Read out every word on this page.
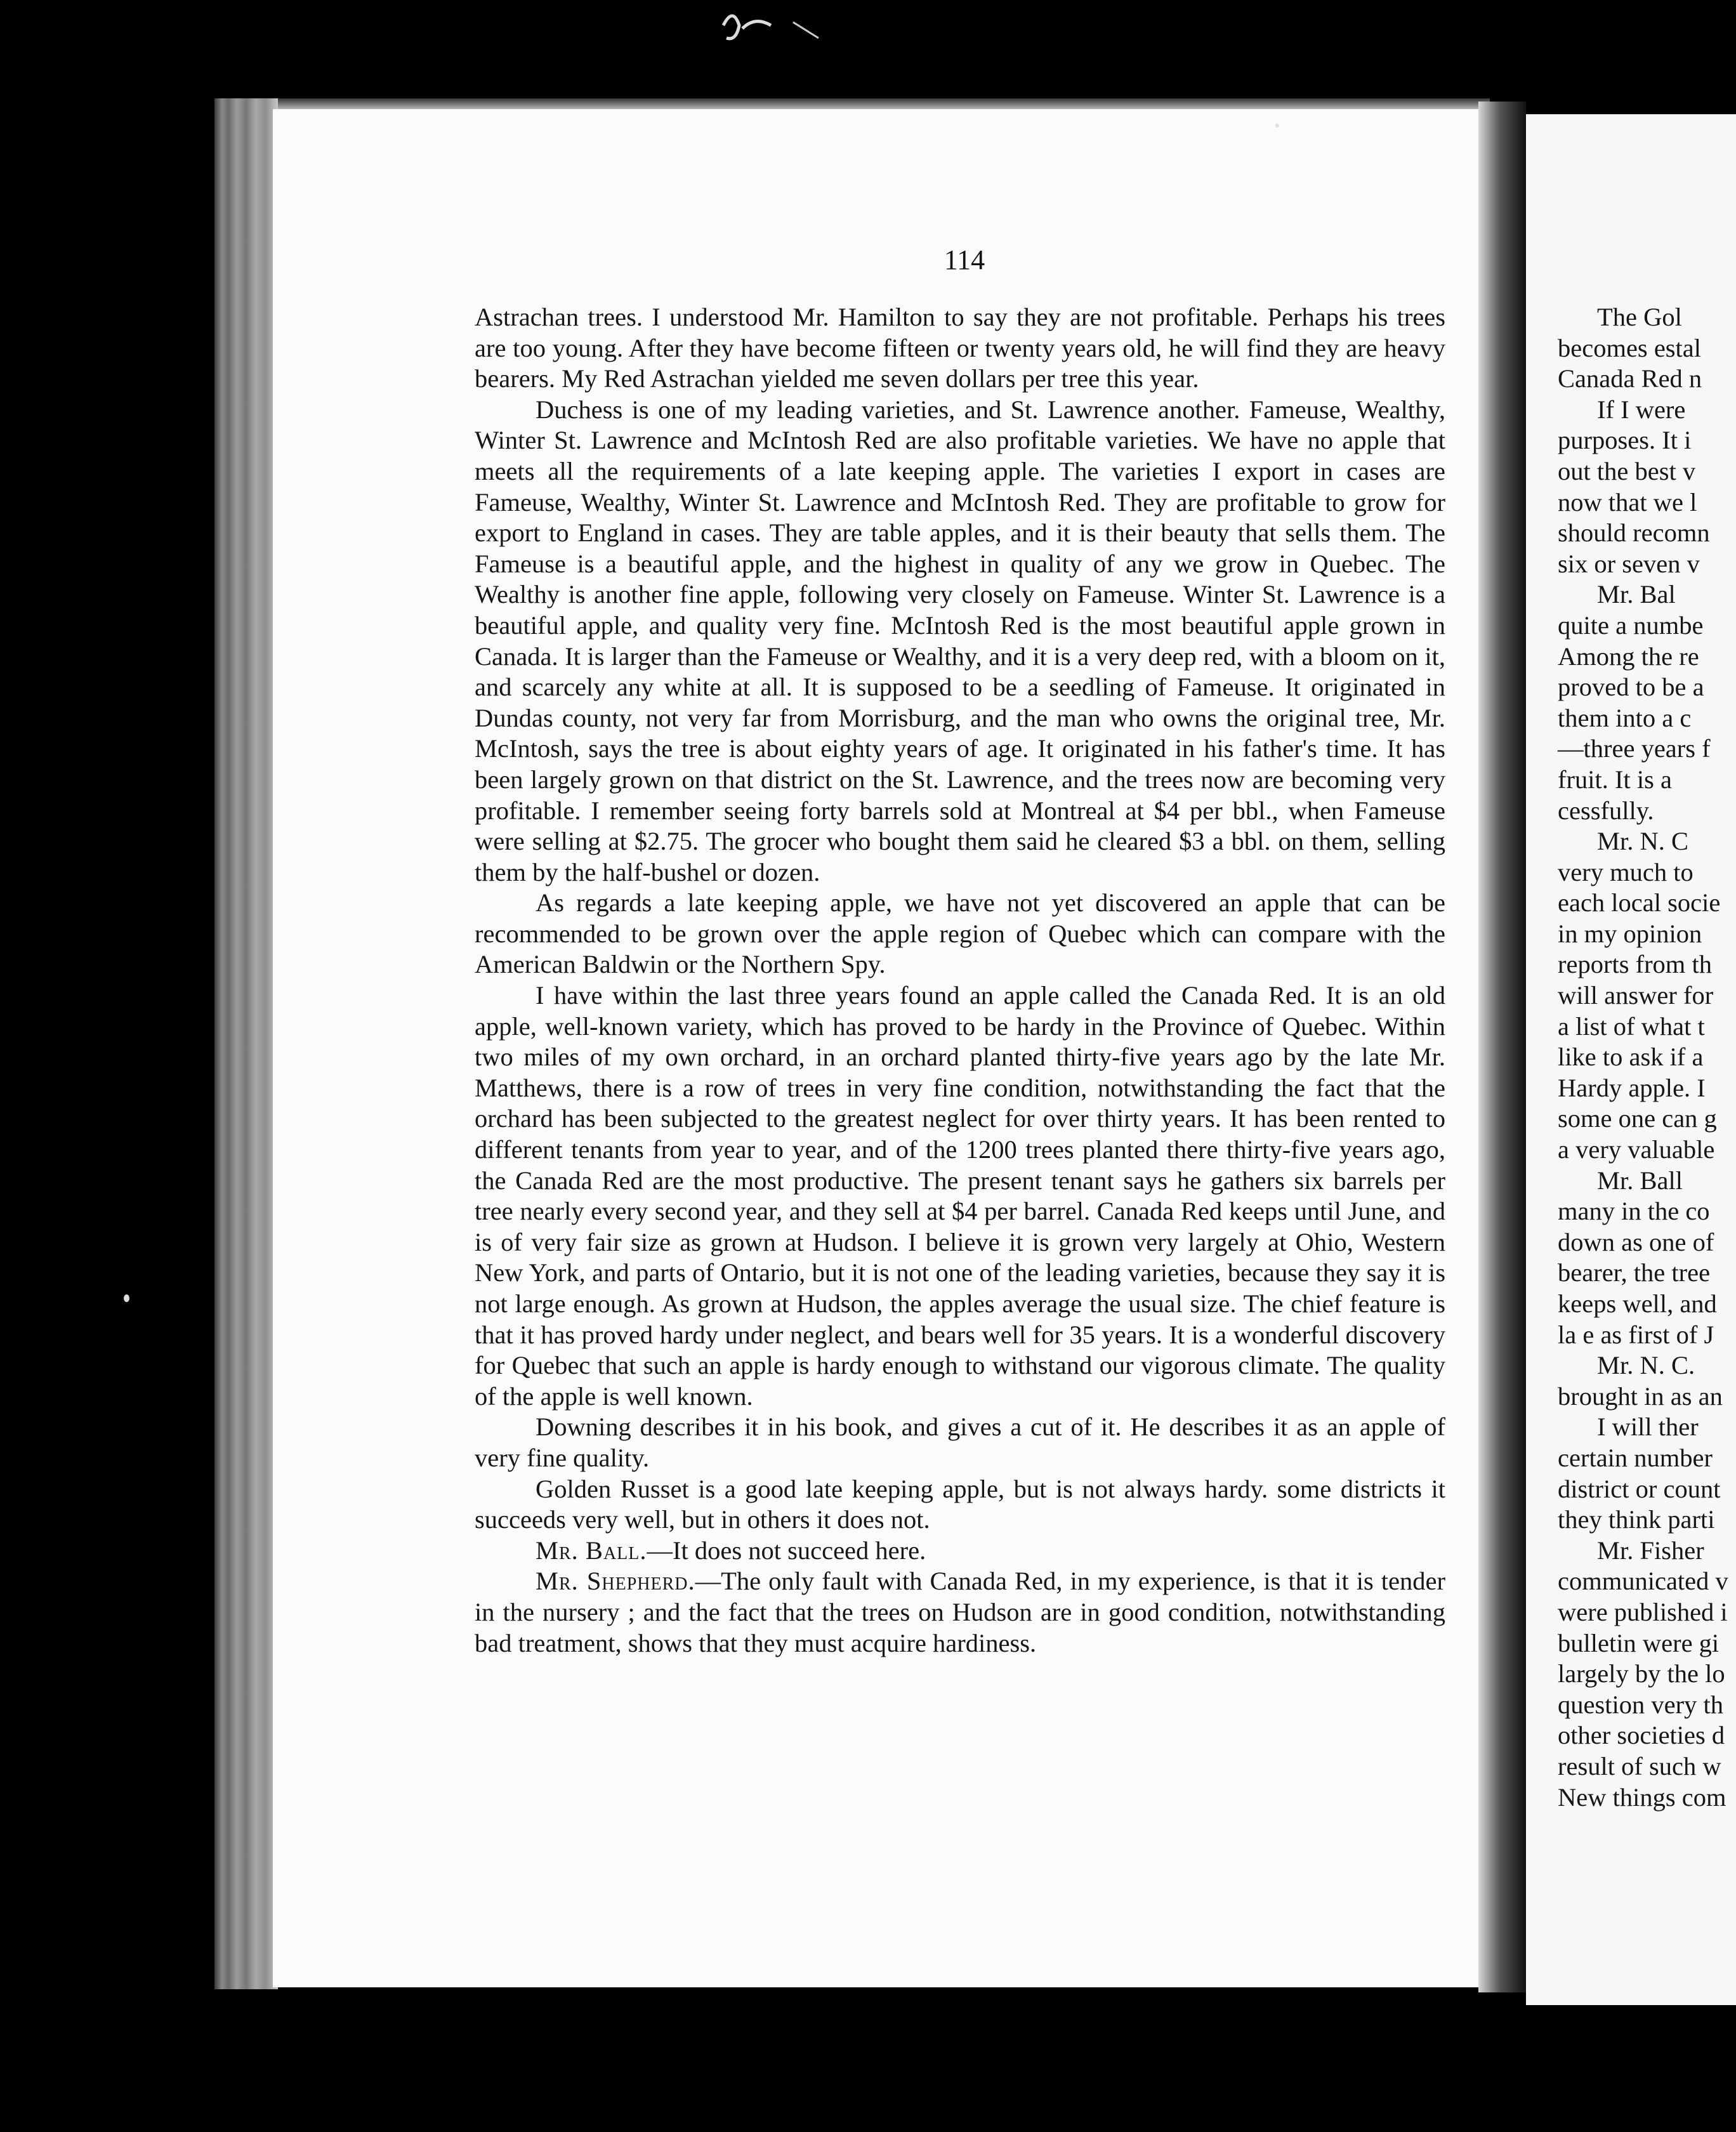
114

Astrachan trees. I understood Mr. Hamilton to say they are not profitable. Perhaps his trees are too young. After they have become fifteen or twenty years old, he will find they are heavy bearers. My Red Astrachan yielded me seven dollars per tree this year.

Duchess is one of my leading varieties, and St. Lawrence another. Fameuse, Wealthy, Winter St. Lawrence and McIntosh Red are also profitable varieties. We have no apple that meets all the requirements of a late keeping apple. The varieties I export in cases are Fameuse, Wealthy, Winter St. Lawrence and McIntosh Red. They are profitable to grow for export to England in cases. They are table apples, and it is their beauty that sells them. The Fameuse is a beautiful apple, and the highest in quality of any we grow in Quebec. The Wealthy is another fine apple, following very closely on Fameuse. Winter St. Lawrence is a beautiful apple, and quality very fine. McIntosh Red is the most beautiful apple grown in Canada. It is larger than the Fameuse or Wealthy, and it is a very deep red, with a bloom on it, and scarcely any white at all. It is supposed to be a seedling of Fameuse. It originated in Dundas county, not very far from Morrisburg, and the man who owns the original tree, Mr. McIntosh, says the tree is about eighty years of age. It originated in his father's time. It has been largely grown on that district on the St. Lawrence, and the trees now are becoming very profitable. I remember seeing forty barrels sold at Montreal at $4 per bbl., when Fameuse were selling at $2.75. The grocer who bought them said he cleared $3 a bbl. on them, selling them by the half-bushel or dozen.

As regards a late keeping apple, we have not yet discovered an apple that can be recommended to be grown over the apple region of Quebec which can compare with the American Baldwin or the Northern Spy.

I have within the last three years found an apple called the Canada Red. It is an old apple, well-known variety, which has proved to be hardy in the Province of Quebec. Within two miles of my own orchard, in an orchard planted thirty-five years ago by the late Mr. Matthews, there is a row of trees in very fine condition, notwithstanding the fact that the orchard has been subjected to the greatest neglect for over thirty years. It has been rented to different tenants from year to year, and of the 1200 trees planted there thirty-five years ago, the Canada Red are the most productive. The present tenant says he gathers six barrels per tree nearly every second year, and they sell at $4 per barrel. Canada Red keeps until June, and is of very fair size as grown at Hudson. I believe it is grown very largely at Ohio, Western New York, and parts of Ontario, but it is not one of the leading varieties, because they say it is not large enough. As grown at Hudson, the apples average the usual size. The chief feature is that it has proved hardy under neglect, and bears well for 35 years. It is a wonderful discovery for Quebec that such an apple is hardy enough to withstand our vigorous climate. The quality of the apple is well known.

Downing describes it in his book, and gives a cut of it. He describes it as an apple of very fine quality.

Golden Russet is a good late keeping apple, but is not always hardy. some districts it succeeds very well, but in others it does not.

Mr. Ball.—It does not succeed here.

Mr. Shepherd.—The only fault with Canada Red, in my experience, is that it is tender in the nursery ; and the fact that the trees on Hudson are in good condition, notwithstanding bad treatment, shows that they must acquire hardiness.

The Gol
becomes estal
Canada Red n
If I were
purposes. It i
out the best v
now that we l
should recomn
six or seven v
Mr. Bal
quite a numbe
Among the re
proved to be a
them into a c
—three years f
fruit. It is a
cessfully.
Mr. N. C
very much to
each local socie
in my opinion
reports from th
will answer for
a list of what t
like to ask if a
Hardy apple. I
some one can g
a very valuable
Mr. Ball
many in the co
down as one of
bearer, the tree
keeps well, and
la e as first of J
Mr. N. C.
brought in as an
I will ther
certain number
district or count
they think parti
Mr. Fisher
communicated v
were published i
bulletin were gi
largely by the lo
question very th
other societies d
result of such w
New things com
